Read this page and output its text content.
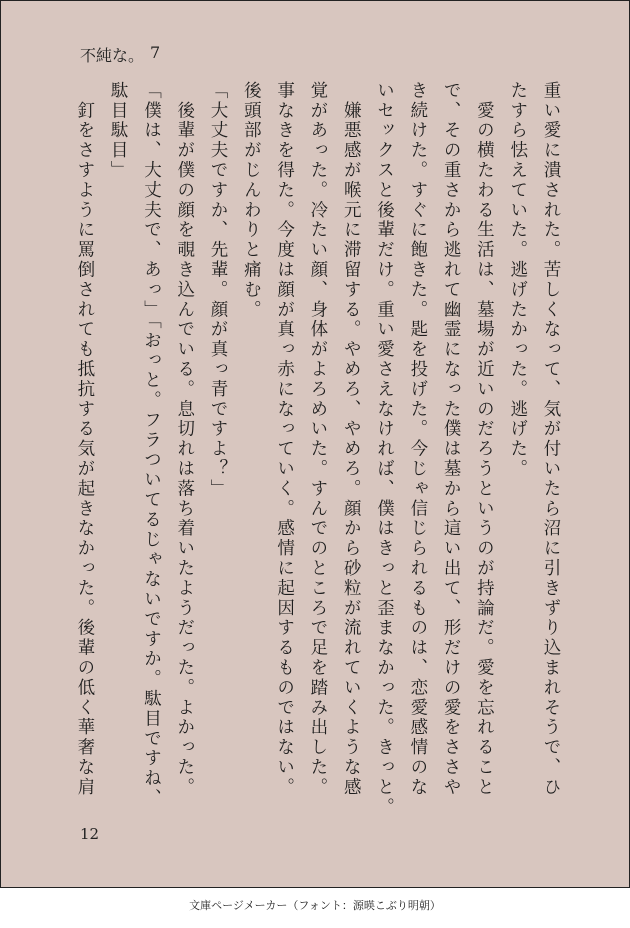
不純な。 7
重い愛に潰された。苦しくなって、気が付いたら沼に引きずり込まれそうで、ひ
たすら怯えていた。逃げたかった。逃げた。
　愛の横たわる生活は、墓場が近いのだろうというのが持論だ。愛を忘れること
で、その重さから逃れて幽霊になった僕は墓から這い出て、形だけの愛をささや
き続けた。すぐに飽きた。匙を投げた。今じゃ信じられるものは、恋愛感情のな
いセックスと後輩だけ。重い愛さえなければ、僕はきっと歪まなかった。きっと。
　嫌悪感が喉元に滞留する。やめろ、やめろ。顔から砂粒が流れていくような感
覚があった。冷たい顔、身体がよろめいた。すんでのところで足を踏み出した。
事なきを得た。今度は顔が真っ赤になっていく。感情に起因するものではない。
後頭部がじんわりと痛む。
「大丈夫ですか、先輩。顔が真っ青ですよ？」
　後輩が僕の顔を覗き込んでいる。息切れは落ち着いたようだった。よかった。
「僕は、大丈夫で、あっ」「おっと。フラついてるじゃないですか。駄目ですね、
駄目駄目」
　釘をさすように罵倒されても抵抗する気が起きなかった。後輩の低く華奢な肩
12
文庫ページメーカー（フォント：源暎こぶり明朝）
